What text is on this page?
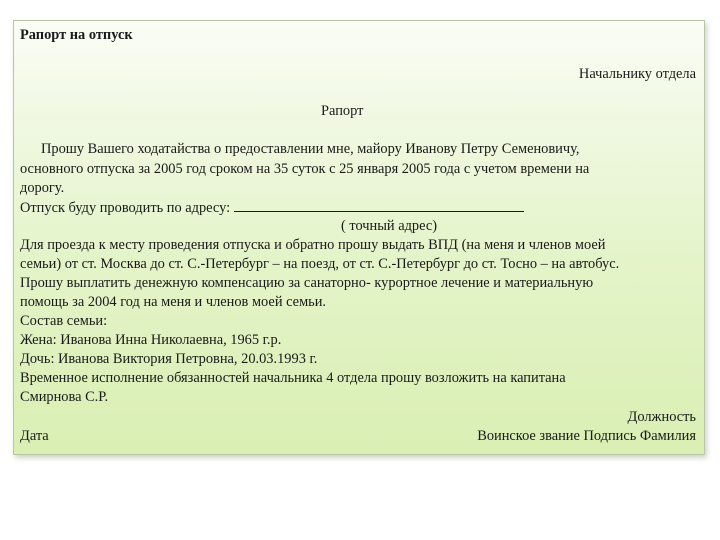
Рапорт на отпуск
Начальнику отдела
Рапорт
Прошу Вашего ходатайства о предоставлении мне, майору Иванову Петру Семеновичу,
основного отпуска за 2005 год сроком на 35 суток с 25 января 2005 года с учетом времени на
дорогу.
Отпуск буду проводить по адресу:
( точный адрес)
Для проезда к месту проведения отпуска и обратно прошу выдать ВПД (на меня и членов моей
семьи) от ст. Москва до ст. С.-Петербург – на поезд, от ст. С.-Петербург до ст. Тосно – на автобус.
Прошу выплатить денежную компенсацию за санаторно- курортное лечение и материальную
помощь за 2004 год на меня и членов моей семьи.
Состав семьи:
Жена: Иванова Инна Николаевна, 1965 г.р.
Дочь: Иванова Виктория Петровна, 20.03.1993 г.
Временное исполнение обязанностей начальника 4 отдела прошу возложить на капитана
Смирнова С.Р.
Должность
Дата	Воинское звание Подпись Фамилия
